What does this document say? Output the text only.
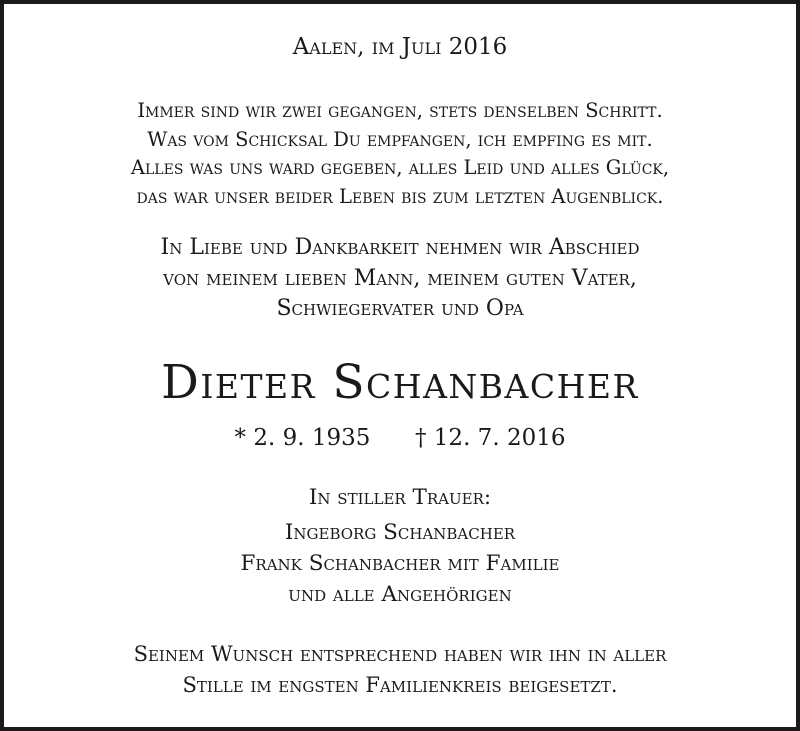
Aalen, im Juli 2016
Immer sind wir zwei gegangen, stets denselben Schritt.
Was vom Schicksal Du empfangen, ich empfing es mit.
Alles was uns ward gegeben, alles Leid und alles Glück,
das war unser beider Leben bis zum letzten Augenblick.
In Liebe und Dankbarkeit nehmen wir Abschied
von meinem lieben Mann, meinem guten Vater,
Schwiegervater und Opa
Dieter Schanbacher
* 2. 9. 1935 † 12. 7. 2016
In stiller Trauer:
Ingeborg Schanbacher
Frank Schanbacher mit Familie
und alle Angehörigen
Seinem Wunsch entsprechend haben wir ihn in aller
Stille im engsten Familienkreis beigesetzt.
